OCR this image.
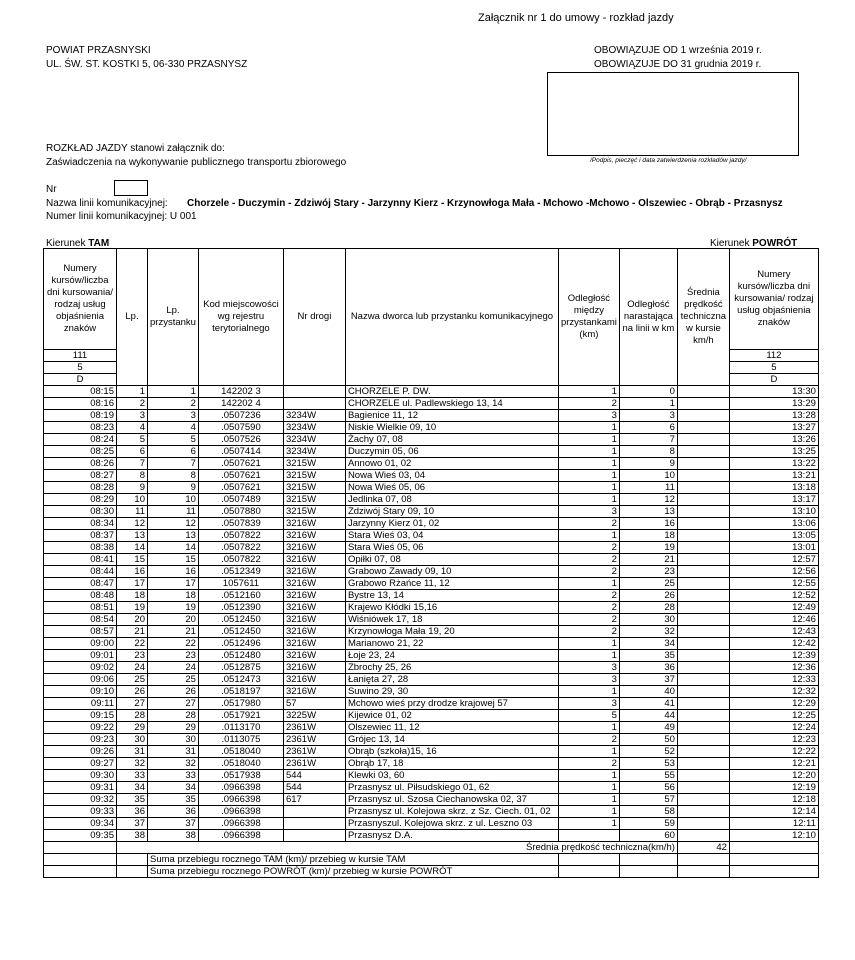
Załącznik nr 1 do umowy - rozkład jazdy
POWIAT PRZASNYSKI
UL. ŚW. ST. KOSTKI 5, 06-330 PRZASNYSZ
OBOWIĄZUJE OD 1 września 2019 r.
OBOWIĄZUJE DO 31 grudnia 2019 r.
/Podpis, pieczęć i data zatwierdzenia rozkładów jazdy/
ROZKŁAD JAZDY stanowi załącznik do:
Zaświadczenia na wykonywanie publicznego transportu zbiorowego
Nr
Nazwa linii komunikacyjnej: Chorzele - Duczymin - Zdziwój Stary - Jarzynny Kierz - Krzynowłoga Mała - Mchowo -Mchowo - Olszewiec - Obrąb - Przasnysz
Numer linii komunikacyjnej: U 001
Kierunek TAM	Kierunek POWRÓT
Numery kursów/liczba dni kursowania/ rodzaj usług objaśnienia znaków	Lp.	Lp. przystanku	Kod miejscowości wg rejestru terytorialnego	Nr drogi	Nazwa dworca lub przystanku komunikacyjnego	Odległość między przystankami (km)	Odległość narastająca na linii w km	Średnia prędkość techniczna w kursie km/h	Numery kursów/liczba dni kursowania/ rodzaj usług objaśnienia znaków
111									112
5									5
D									D
08:15	1	1	142202 3		CHORZELE P. DW.	1	0		13:30
08:16	2	2	142202 4		CHORZELE ul. Padlewskiego 13, 14	2	1		13:29
08:19	3	3	.0507236	3234W	Bagienice 11, 12	3	3		13:28
08:23	4	4	.0507590	3234W	Niskie Wielkie 09, 10	1	6		13:27
08:24	5	5	.0507526	3234W	Żachy 07, 08	1	7		13:26
08:25	6	6	.0507414	3234W	Duczymin 05, 06	1	8		13:25
08:26	7	7	.0507621	3215W	Annowo 01, 02	1	9		13:22
08:27	8	8	.0507621	3215W	Nowa Wieś 03, 04	1	10		13:21
08:28	9	9	.0507621	3215W	Nowa Wieś 05, 06	1	11		13:18
08:29	10	10	.0507489	3215W	Jedlinka 07, 08	1	12		13:17
08:30	11	11	.0507880	3215W	Zdziwój Stary 09, 10	3	13		13:10
08:34	12	12	.0507839	3216W	Jarzynny Kierz 01, 02	2	16		13:06
08:37	13	13	.0507822	3216W	Stara Wieś 03, 04	1	18		13:05
08:38	14	14	.0507822	3216W	Stara Wieś 05, 06	2	19		13:01
08:41	15	15	.0507822	3216W	Opiłki 07, 08	2	21		12:57
08:44	16	16	.0512349	3216W	Grabowo Zawady 09, 10	2	23		12:56
08:47	17	17	1057611	3216W	Grabowo Rżańce 11, 12	1	25		12:55
08:48	18	18	.0512160	3216W	Bystre 13, 14	2	26		12:52
08:51	19	19	.0512390	3216W	Krajewo Kłódki 15,16	2	28		12:49
08:54	20	20	.0512450	3216W	Wiśniówek 17, 18	2	30		12:46
08:57	21	21	.0512450	3216W	Krzynowłoga Mała 19, 20	2	32		12:43
09:00	22	22	.0512496	3216W	Marianowo 21, 22	1	34		12:42
09:01	23	23	.0512480	3216W	Łoje 23, 24	1	35		12:39
09:02	24	24	.0512875	3216W	Zbrochy 25, 26	3	36		12:36
09:06	25	25	.0512473	3216W	Łanięta 27, 28	3	37		12:33
09:10	26	26	.0518197	3216W	Suwino 29, 30	1	40		12:32
09:11	27	27	.0517980	57	Mchowo wieś przy drodze krajowej 57	3	41		12:29
09:15	28	28	.0517921	3225W	Kijewice 01, 02	5	44		12:25
09:22	29	29	.0113170	2361W	Olszewiec 11, 12	1	49		12:24
09:23	30	30	.0113075	2361W	Grójec 13, 14	2	50		12:23
09:26	31	31	.0518040	2361W	Obrąb (szkoła)15, 16	1	52		12:22
09:27	32	32	.0518040	2361W	Obrąb 17, 18	2	53		12:21
09:30	33	33	.0517938	544	Klewki 03, 60	1	55		12:20
09:31	34	34	.0966398	544	Przasnysz ul. Piłsudskiego 01, 62	1	56		12:19
09:32	35	35	.0966398	617	Przasnysz ul. Szosa Ciechanowska 02, 37	1	57		12:18
09:33	36	36	.0966398		Przasnysz ul. Kolejowa skrz. z Sz. Ciech. 01, 02	1	58		12:14
09:34	37	37	.0966398		Przasnyszul. Kolejowa skrz. z ul. Leszno 03	1	59		12:11
09:35	38	38	.0966398		Przasnysz D.A.		60		12:10
	Średnia prędkość techniczna(km/h)							42	
		Suma przebiegu rocznego TAM (km)/ przebieg w kursie TAM							
		Suma przebiegu rocznego POWRÓT (km)/ przebieg w kursie POWRÓT							
